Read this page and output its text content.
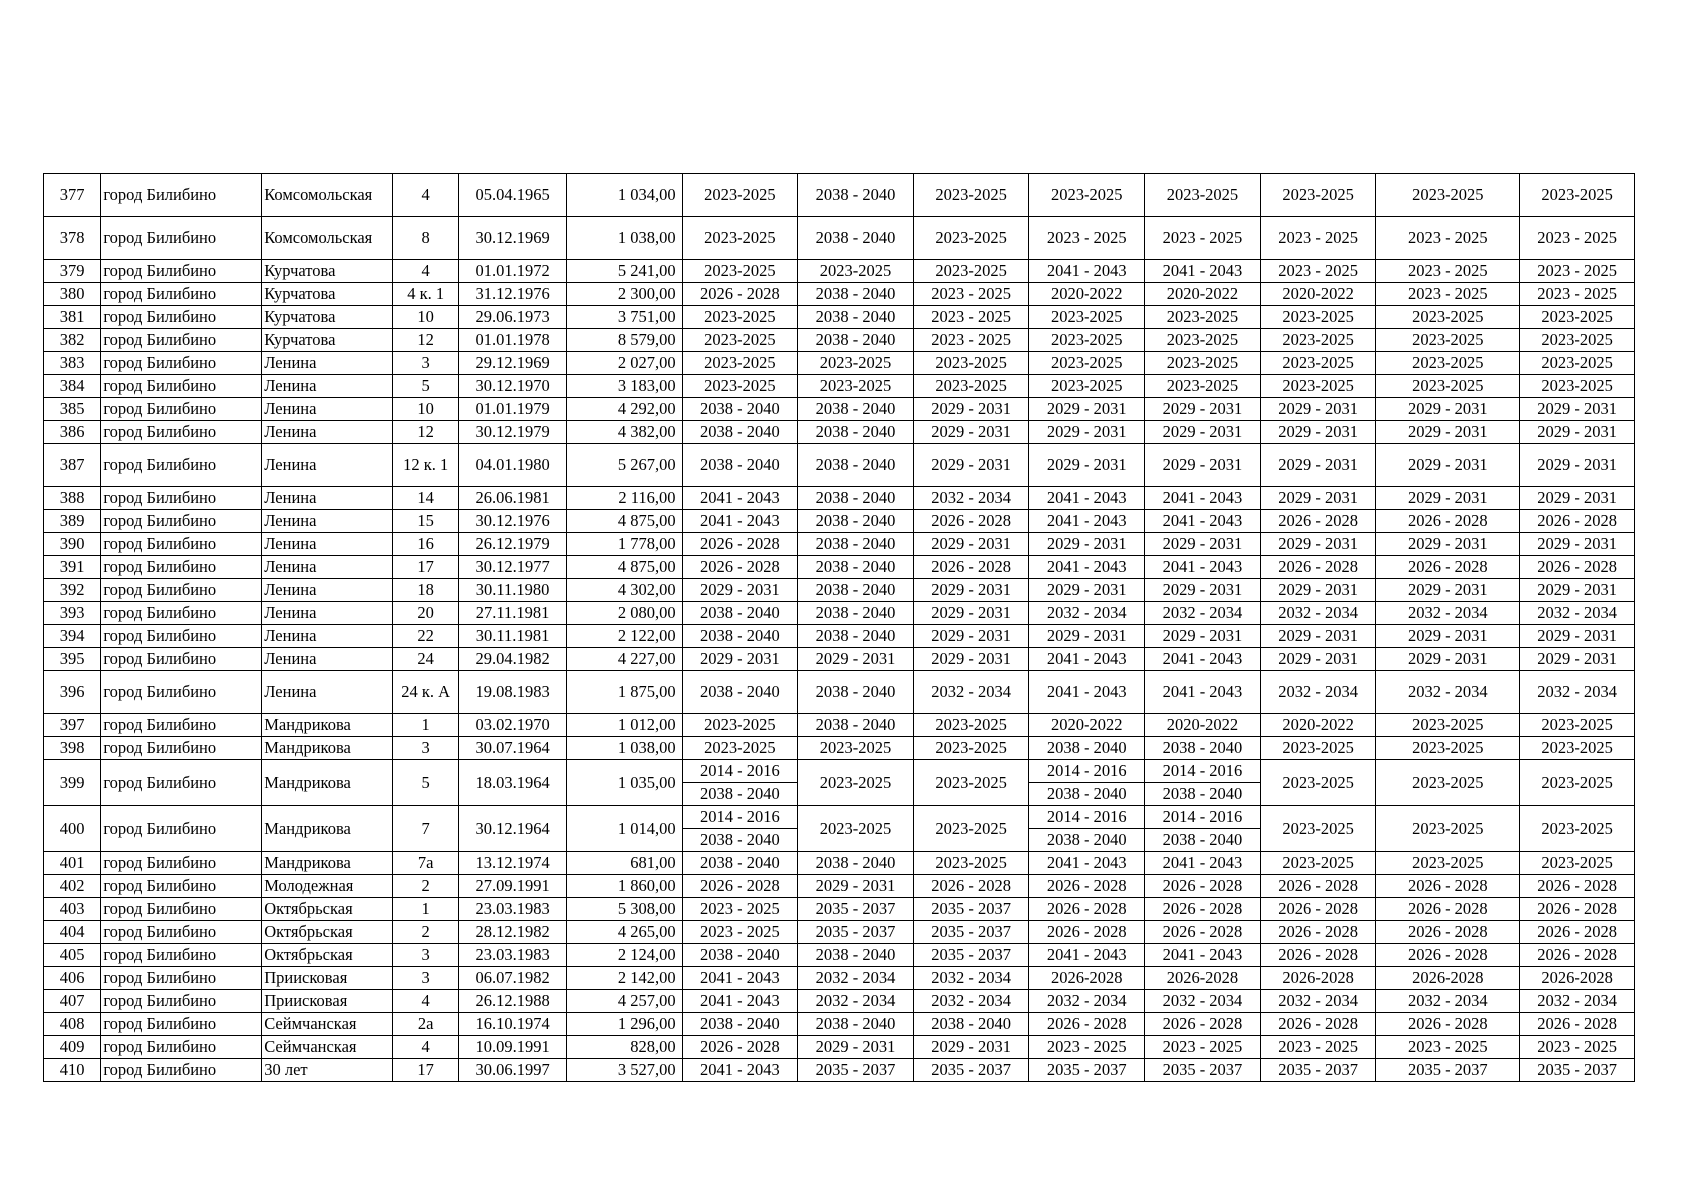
377	город Билибино	Комсомольская	4	05.04.1965	1 034,00	2023-2025	2038 - 2040	2023-2025	2023-2025	2023-2025	2023-2025	2023-2025	2023-2025
378	город Билибино	Комсомольская	8	30.12.1969	1 038,00	2023-2025	2038 - 2040	2023-2025	2023 - 2025	2023 - 2025	2023 - 2025	2023 - 2025	2023 - 2025
379	город Билибино	Курчатова	4	01.01.1972	5 241,00	2023-2025	2023-2025	2023-2025	2041 - 2043	2041 - 2043	2023 - 2025	2023 - 2025	2023 - 2025
380	город Билибино	Курчатова	4 к. 1	31.12.1976	2 300,00	2026 - 2028	2038 - 2040	2023 - 2025	2020-2022	2020-2022	2020-2022	2023 - 2025	2023 - 2025
381	город Билибино	Курчатова	10	29.06.1973	3 751,00	2023-2025	2038 - 2040	2023 - 2025	2023-2025	2023-2025	2023-2025	2023-2025	2023-2025
382	город Билибино	Курчатова	12	01.01.1978	8 579,00	2023-2025	2038 - 2040	2023 - 2025	2023-2025	2023-2025	2023-2025	2023-2025	2023-2025
383	город Билибино	Ленина	3	29.12.1969	2 027,00	2023-2025	2023-2025	2023-2025	2023-2025	2023-2025	2023-2025	2023-2025	2023-2025
384	город Билибино	Ленина	5	30.12.1970	3 183,00	2023-2025	2023-2025	2023-2025	2023-2025	2023-2025	2023-2025	2023-2025	2023-2025
385	город Билибино	Ленина	10	01.01.1979	4 292,00	2038 - 2040	2038 - 2040	2029 - 2031	2029 - 2031	2029 - 2031	2029 - 2031	2029 - 2031	2029 - 2031
386	город Билибино	Ленина	12	30.12.1979	4 382,00	2038 - 2040	2038 - 2040	2029 - 2031	2029 - 2031	2029 - 2031	2029 - 2031	2029 - 2031	2029 - 2031
387	город Билибино	Ленина	12 к. 1	04.01.1980	5 267,00	2038 - 2040	2038 - 2040	2029 - 2031	2029 - 2031	2029 - 2031	2029 - 2031	2029 - 2031	2029 - 2031
388	город Билибино	Ленина	14	26.06.1981	2 116,00	2041 - 2043	2038 - 2040	2032 - 2034	2041 - 2043	2041 - 2043	2029 - 2031	2029 - 2031	2029 - 2031
389	город Билибино	Ленина	15	30.12.1976	4 875,00	2041 - 2043	2038 - 2040	2026 - 2028	2041 - 2043	2041 - 2043	2026 - 2028	2026 - 2028	2026 - 2028
390	город Билибино	Ленина	16	26.12.1979	1 778,00	2026 - 2028	2038 - 2040	2029 - 2031	2029 - 2031	2029 - 2031	2029 - 2031	2029 - 2031	2029 - 2031
391	город Билибино	Ленина	17	30.12.1977	4 875,00	2026 - 2028	2038 - 2040	2026 - 2028	2041 - 2043	2041 - 2043	2026 - 2028	2026 - 2028	2026 - 2028
392	город Билибино	Ленина	18	30.11.1980	4 302,00	2029 - 2031	2038 - 2040	2029 - 2031	2029 - 2031	2029 - 2031	2029 - 2031	2029 - 2031	2029 - 2031
393	город Билибино	Ленина	20	27.11.1981	2 080,00	2038 - 2040	2038 - 2040	2029 - 2031	2032 - 2034	2032 - 2034	2032 - 2034	2032 - 2034	2032 - 2034
394	город Билибино	Ленина	22	30.11.1981	2 122,00	2038 - 2040	2038 - 2040	2029 - 2031	2029 - 2031	2029 - 2031	2029 - 2031	2029 - 2031	2029 - 2031
395	город Билибино	Ленина	24	29.04.1982	4 227,00	2029 - 2031	2029 - 2031	2029 - 2031	2041 - 2043	2041 - 2043	2029 - 2031	2029 - 2031	2029 - 2031
396	город Билибино	Ленина	24 к. А	19.08.1983	1 875,00	2038 - 2040	2038 - 2040	2032 - 2034	2041 - 2043	2041 - 2043	2032 - 2034	2032 - 2034	2032 - 2034
397	город Билибино	Мандрикова	1	03.02.1970	1 012,00	2023-2025	2038 - 2040	2023-2025	2020-2022	2020-2022	2020-2022	2023-2025	2023-2025
398	город Билибино	Мандрикова	3	30.07.1964	1 038,00	2023-2025	2023-2025	2023-2025	2038 - 2040	2038 - 2040	2023-2025	2023-2025	2023-2025
399	город Билибино	Мандрикова	5	18.03.1964	1 035,00	2014 - 2016	2023-2025	2023-2025	2014 - 2016	2014 - 2016	2023-2025	2023-2025	2023-2025
						2038 - 2040			2038 - 2040	2038 - 2040			
400	город Билибино	Мандрикова	7	30.12.1964	1 014,00	2014 - 2016	2023-2025	2023-2025	2014 - 2016	2014 - 2016	2023-2025	2023-2025	2023-2025
						2038 - 2040			2038 - 2040	2038 - 2040			
401	город Билибино	Мандрикова	7а	13.12.1974	681,00	2038 - 2040	2038 - 2040	2023-2025	2041 - 2043	2041 - 2043	2023-2025	2023-2025	2023-2025
402	город Билибино	Молодежная	2	27.09.1991	1 860,00	2026 - 2028	2029 - 2031	2026 - 2028	2026 - 2028	2026 - 2028	2026 - 2028	2026 - 2028	2026 - 2028
403	город Билибино	Октябрьская	1	23.03.1983	5 308,00	2023 - 2025	2035 - 2037	2035 - 2037	2026 - 2028	2026 - 2028	2026 - 2028	2026 - 2028	2026 - 2028
404	город Билибино	Октябрьская	2	28.12.1982	4 265,00	2023 - 2025	2035 - 2037	2035 - 2037	2026 - 2028	2026 - 2028	2026 - 2028	2026 - 2028	2026 - 2028
405	город Билибино	Октябрьская	3	23.03.1983	2 124,00	2038 - 2040	2038 - 2040	2035 - 2037	2041 - 2043	2041 - 2043	2026 - 2028	2026 - 2028	2026 - 2028
406	город Билибино	Приисковая	3	06.07.1982	2 142,00	2041 - 2043	2032 - 2034	2032 - 2034	2026-2028	2026-2028	2026-2028	2026-2028	2026-2028
407	город Билибино	Приисковая	4	26.12.1988	4 257,00	2041 - 2043	2032 - 2034	2032 - 2034	2032 - 2034	2032 - 2034	2032 - 2034	2032 - 2034	2032 - 2034
408	город Билибино	Сеймчанская	2а	16.10.1974	1 296,00	2038 - 2040	2038 - 2040	2038 - 2040	2026 - 2028	2026 - 2028	2026 - 2028	2026 - 2028	2026 - 2028
409	город Билибино	Сеймчанская	4	10.09.1991	828,00	2026 - 2028	2029 - 2031	2029 - 2031	2023 - 2025	2023 - 2025	2023 - 2025	2023 - 2025	2023 - 2025
410	город Билибино	30 лет	17	30.06.1997	3 527,00	2041 - 2043	2035 - 2037	2035 - 2037	2035 - 2037	2035 - 2037	2035 - 2037	2035 - 2037	2035 - 2037
